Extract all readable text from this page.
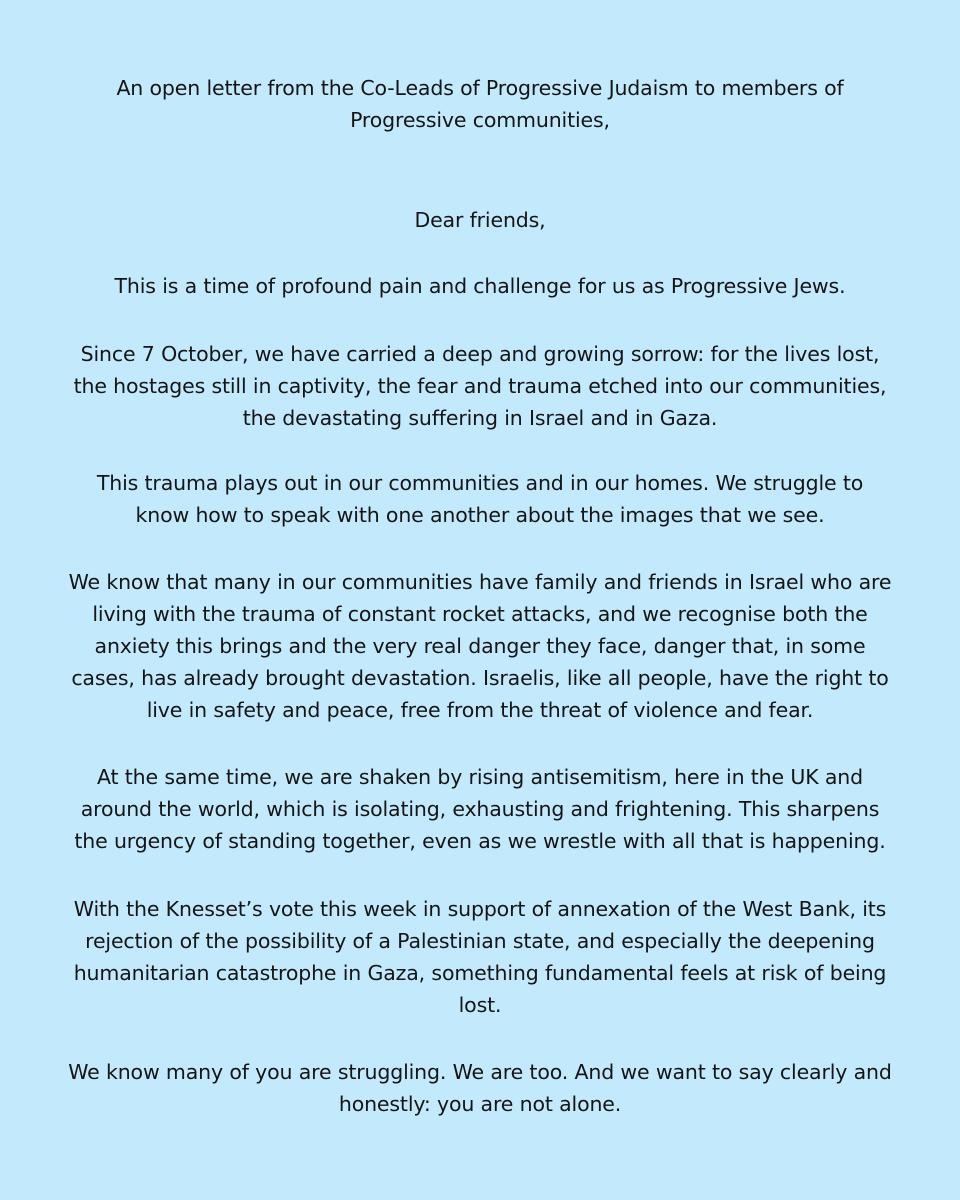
An open letter from the Co-Leads of Progressive Judaism to members of
Progressive communities,
Dear friends,
This is a time of profound pain and challenge for us as Progressive Jews.
Since 7 October, we have carried a deep and growing sorrow: for the lives lost,
the hostages still in captivity, the fear and trauma etched into our communities,
the devastating suffering in Israel and in Gaza.
This trauma plays out in our communities and in our homes. We struggle to
know how to speak with one another about the images that we see.
We know that many in our communities have family and friends in Israel who are
living with the trauma of constant rocket attacks, and we recognise both the
anxiety this brings and the very real danger they face, danger that, in some
cases, has already brought devastation. Israelis, like all people, have the right to
live in safety and peace, free from the threat of violence and fear.
At the same time, we are shaken by rising antisemitism, here in the UK and
around the world, which is isolating, exhausting and frightening. This sharpens
the urgency of standing together, even as we wrestle with all that is happening.
With the Knesset’s vote this week in support of annexation of the West Bank, its
rejection of the possibility of a Palestinian state, and especially the deepening
humanitarian catastrophe in Gaza, something fundamental feels at risk of being
lost.
We know many of you are struggling. We are too. And we want to say clearly and
honestly: you are not alone.
